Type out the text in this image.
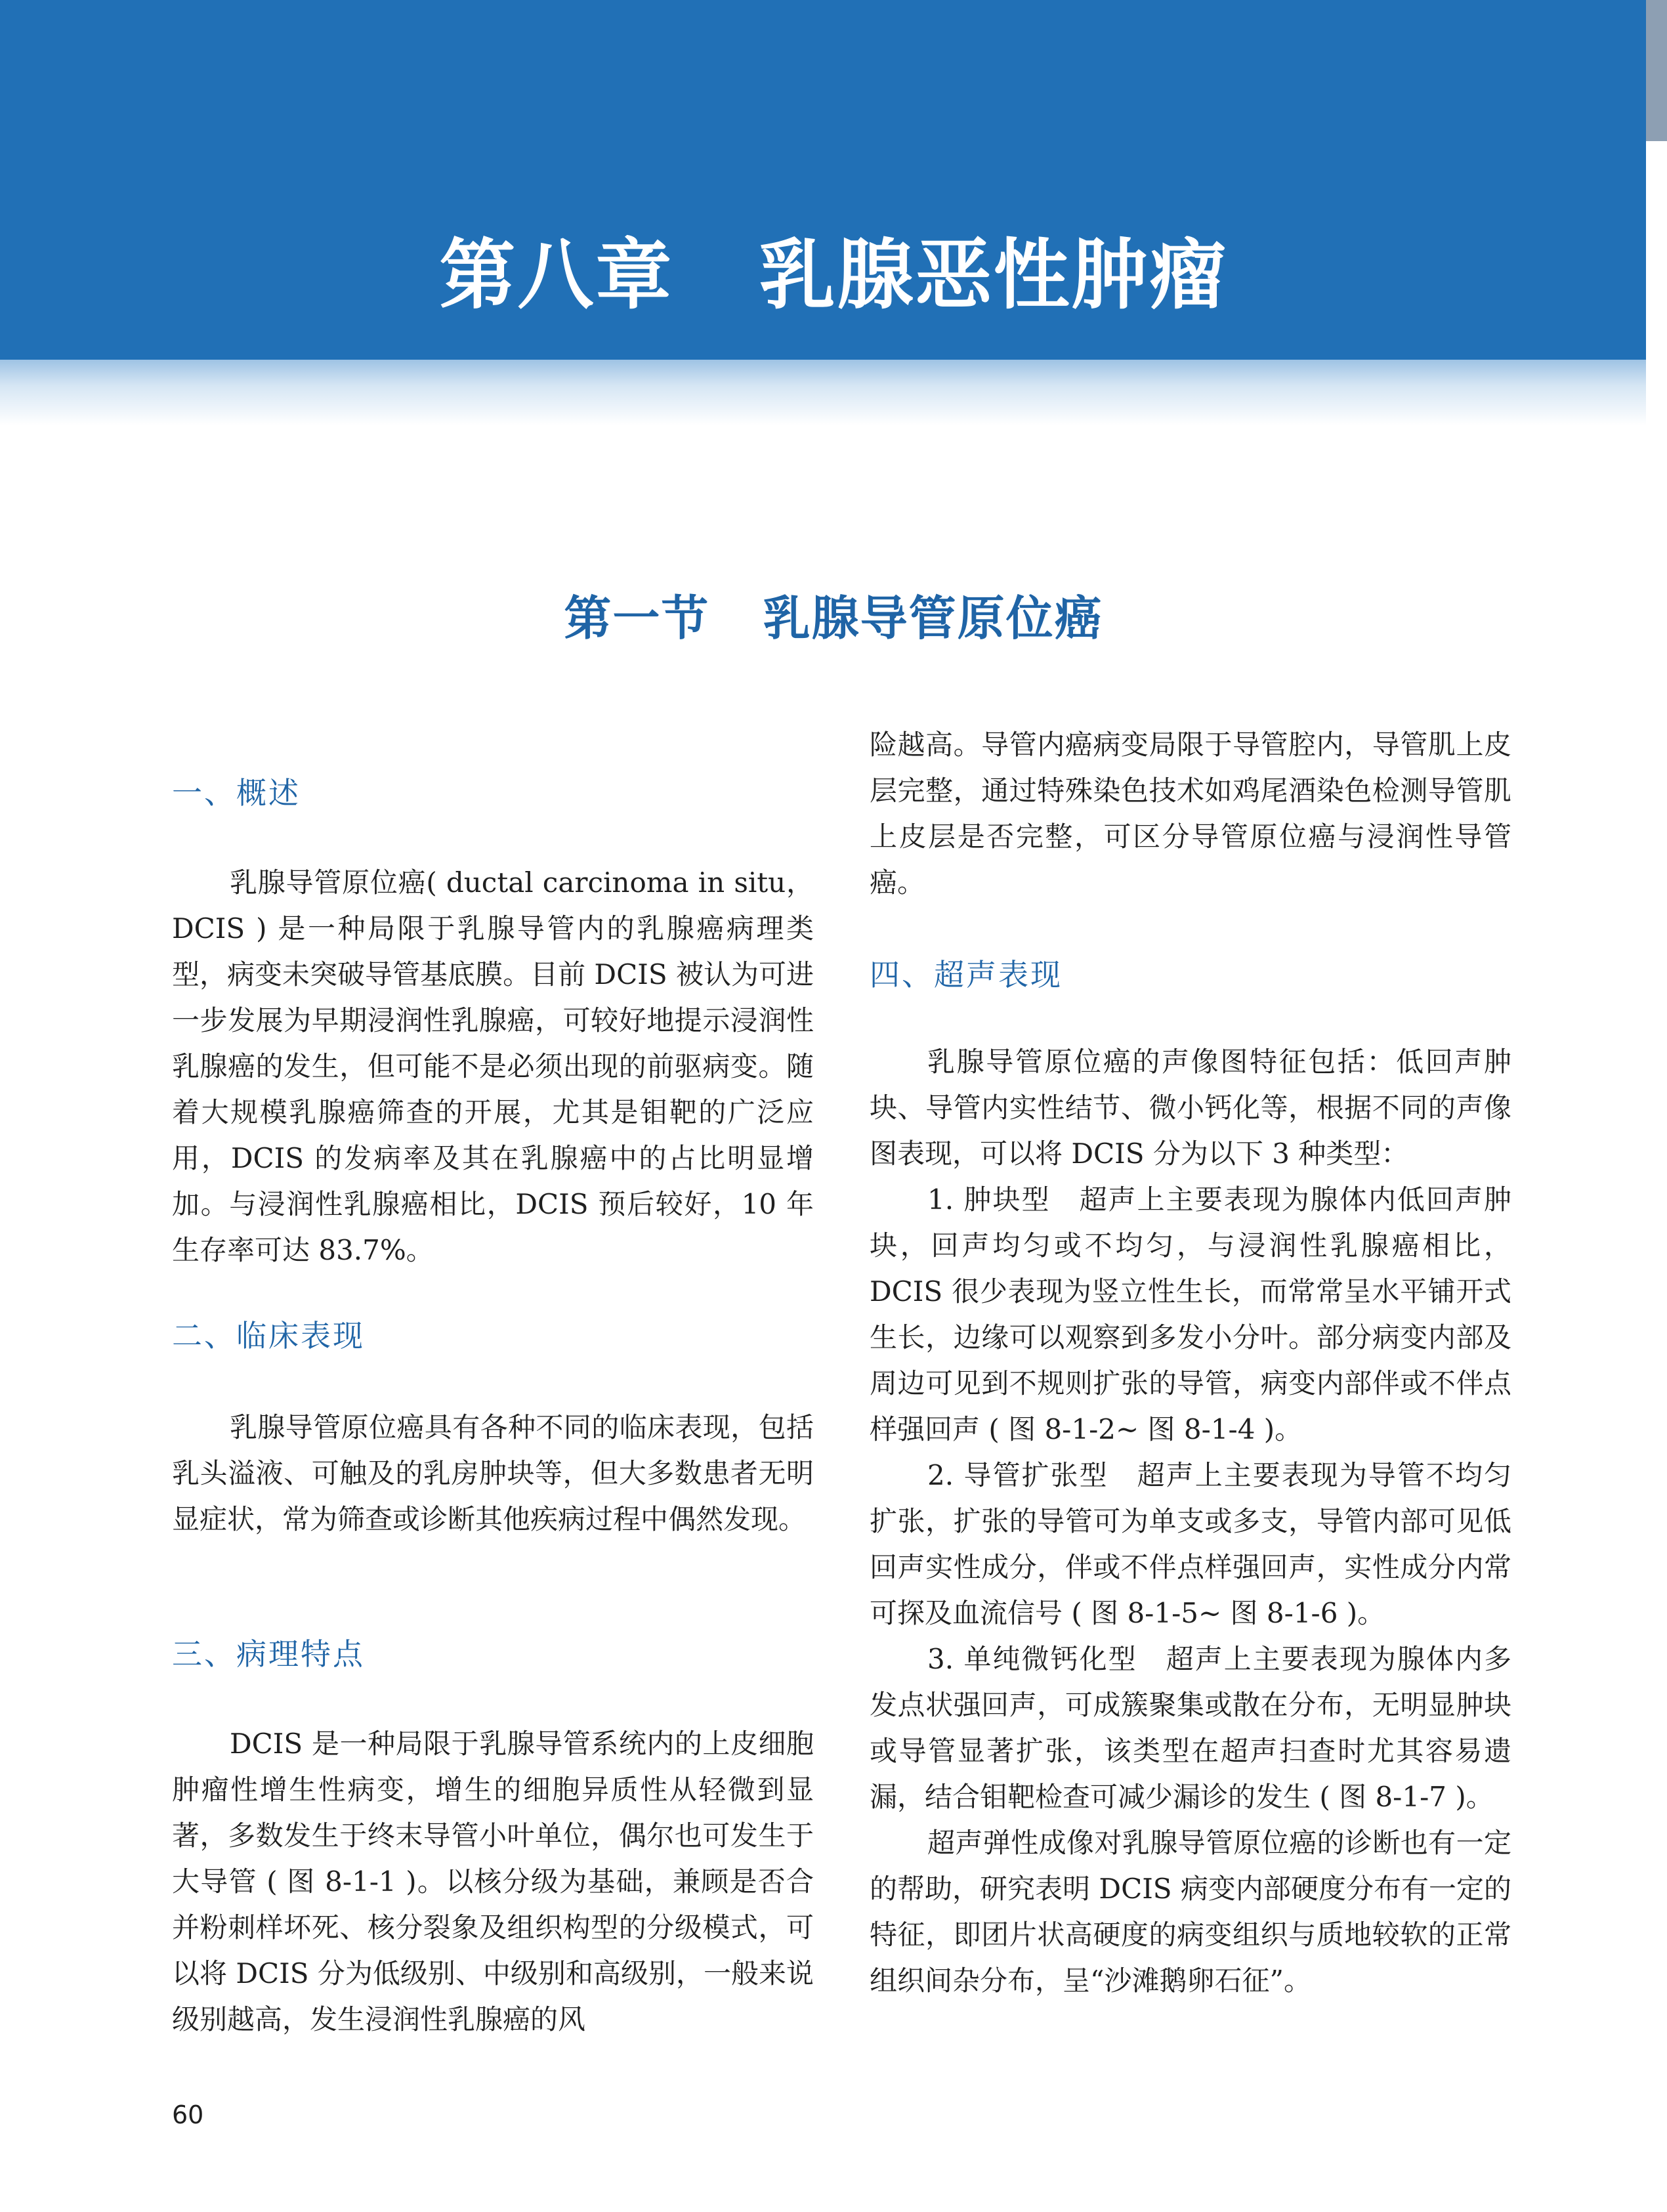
第八章   乳腺恶性肿瘤
第一节   乳腺导管原位癌
一、概述

乳腺导管原位癌( ductal carcinoma in situ，DCIS ) 是一种局限于乳腺导管内的乳腺癌病理类型，病变未突破导管基底膜。目前 DCIS 被认为可进一步发展为早期浸润性乳腺癌，可较好地提示浸润性乳腺癌的发生，但可能不是必须出现的前驱病变。随着大规模乳腺癌筛查的开展，尤其是钼靶的广泛应用，DCIS 的发病率及其在乳腺癌中的占比明显增加。与浸润性乳腺癌相比，DCIS 预后较好，10 年生存率可达 83.7%。

二、临床表现

乳腺导管原位癌具有各种不同的临床表现，包括乳头溢液、可触及的乳房肿块等，但大多数患者无明显症状，常为筛查或诊断其他疾病过程中偶然发现。

三、病理特点

DCIS 是一种局限于乳腺导管系统内的上皮细胞肿瘤性增生性病变，增生的细胞异质性从轻微到显著，多数发生于终末导管小叶单位，偶尔也可发生于大导管 ( 图 8-1-1 )。以核分级为基础，兼顾是否合并粉刺样坏死、核分裂象及组织构型的分级模式，可以将 DCIS 分为低级别、中级别和高级别，一般来说级别越高，发生浸润性乳腺癌的风

险越高。导管内癌病变局限于导管腔内，导管肌上皮层完整，通过特殊染色技术如鸡尾酒染色检测导管肌上皮层是否完整，可区分导管原位癌与浸润性导管癌。

四、超声表现

乳腺导管原位癌的声像图特征包括：低回声肿块、导管内实性结节、微小钙化等，根据不同的声像图表现，可以将 DCIS 分为以下 3 种类型：

1. 肿块型　超声上主要表现为腺体内低回声肿块，回声均匀或不均匀，与浸润性乳腺癌相比，DCIS 很少表现为竖立性生长，而常常呈水平铺开式生长，边缘可以观察到多发小分叶。部分病变内部及周边可见到不规则扩张的导管，病变内部伴或不伴点样强回声 ( 图 8-1-2~ 图 8-1-4 )。

2. 导管扩张型　超声上主要表现为导管不均匀扩张，扩张的导管可为单支或多支，导管内部可见低回声实性成分，伴或不伴点样强回声，实性成分内常可探及血流信号 ( 图 8-1-5~ 图 8-1-6 )。

3. 单纯微钙化型　超声上主要表现为腺体内多发点状强回声，可成簇聚集或散在分布，无明显肿块或导管显著扩张，该类型在超声扫查时尤其容易遗漏，结合钼靶检查可减少漏诊的发生 ( 图 8-1-7 )。

超声弹性成像对乳腺导管原位癌的诊断也有一定的帮助，研究表明 DCIS 病变内部硬度分布有一定的特征，即团片状高硬度的病变组织与质地较软的正常组织间杂分布，呈“沙滩鹅卵石征”。

60
